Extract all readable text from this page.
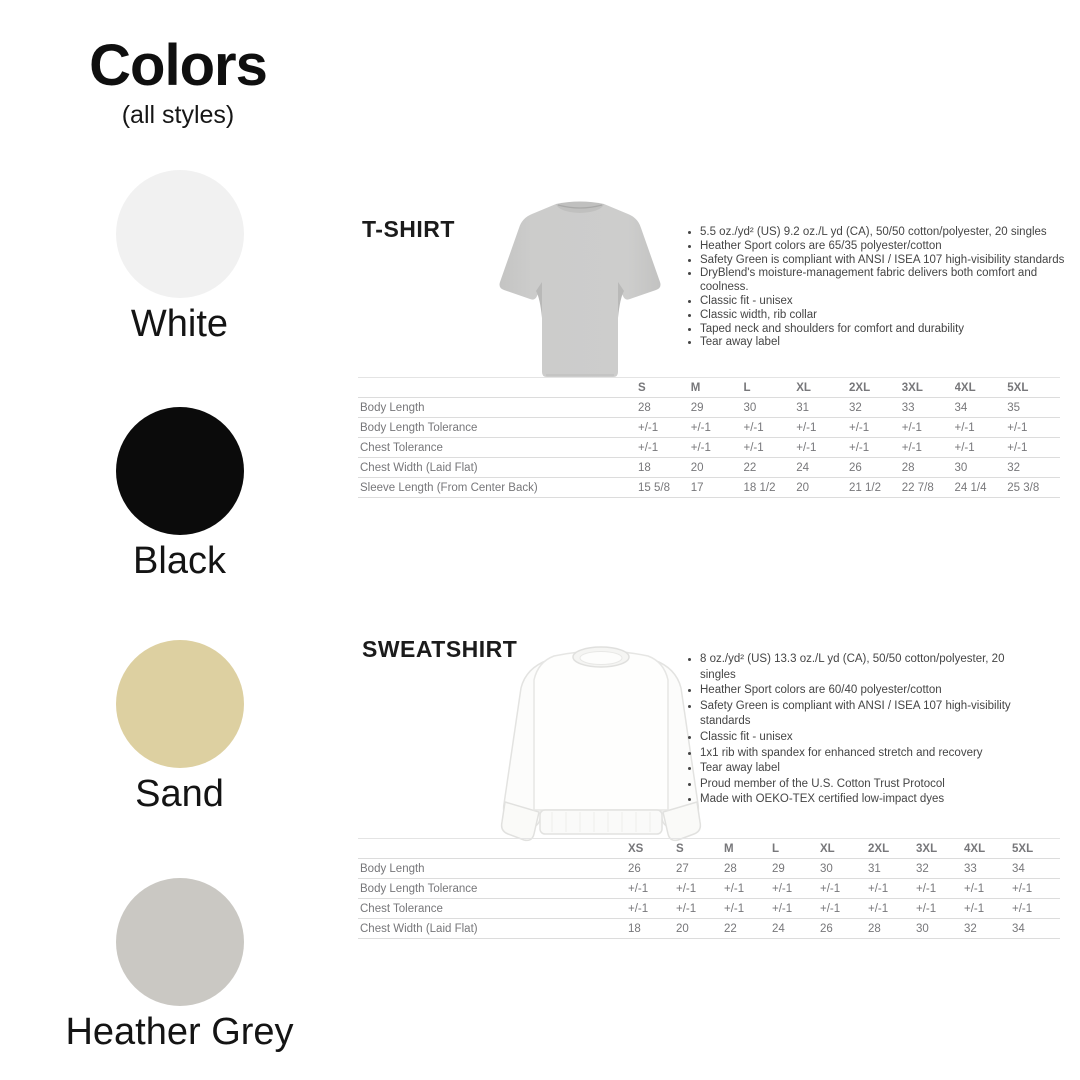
Colors
(all styles)
White
Black
Sand
Heather Grey
T-SHIRT	• 5.5 oz./yd² (US) 9.2 oz./L yd (CA), 50/50 cotton/polyester, 20 singles
• Heather Sport colors are 65/35 polyester/cotton
• Safety Green is compliant with ANSI / ISEA 107 high-visibility standards
• DryBlend's moisture-management fabric delivers both comfort and coolness.
• Classic fit - unisex
• Classic width, rib collar
• Taped neck and shoulders for comfort and durability
• Tear away label
	S	M	L	XL	2XL	3XL	4XL	5XL
Body Length	28	29	30	31	32	33	34	35
Body Length Tolerance	+/-1	+/-1	+/-1	+/-1	+/-1	+/-1	+/-1	+/-1
Chest Tolerance	+/-1	+/-1	+/-1	+/-1	+/-1	+/-1	+/-1	+/-1
Chest Width (Laid Flat)	18	20	22	24	26	28	30	32
Sleeve Length (From Center Back)	15 5/8	17	18 1/2	20	21 1/2	22 7/8	24 1/4	25 3/8
SWEATSHIRT	• 8 oz./yd² (US) 13.3 oz./L yd (CA), 50/50 cotton/polyester, 20 singles
• Heather Sport colors are 60/40 polyester/cotton
• Safety Green is compliant with ANSI / ISEA 107 high-visibility standards
• Classic fit - unisex
• 1x1 rib with spandex for enhanced stretch and recovery
• Tear away label
• Proud member of the U.S. Cotton Trust Protocol
• Made with OEKO-TEX certified low-impact dyes
	XS	S	M	L	XL	2XL	3XL	4XL	5XL
Body Length	26	27	28	29	30	31	32	33	34
Body Length Tolerance	+/-1	+/-1	+/-1	+/-1	+/-1	+/-1	+/-1	+/-1	+/-1
Chest Tolerance	+/-1	+/-1	+/-1	+/-1	+/-1	+/-1	+/-1	+/-1	+/-1
Chest Width (Laid Flat)	18	20	22	24	26	28	30	32	34
